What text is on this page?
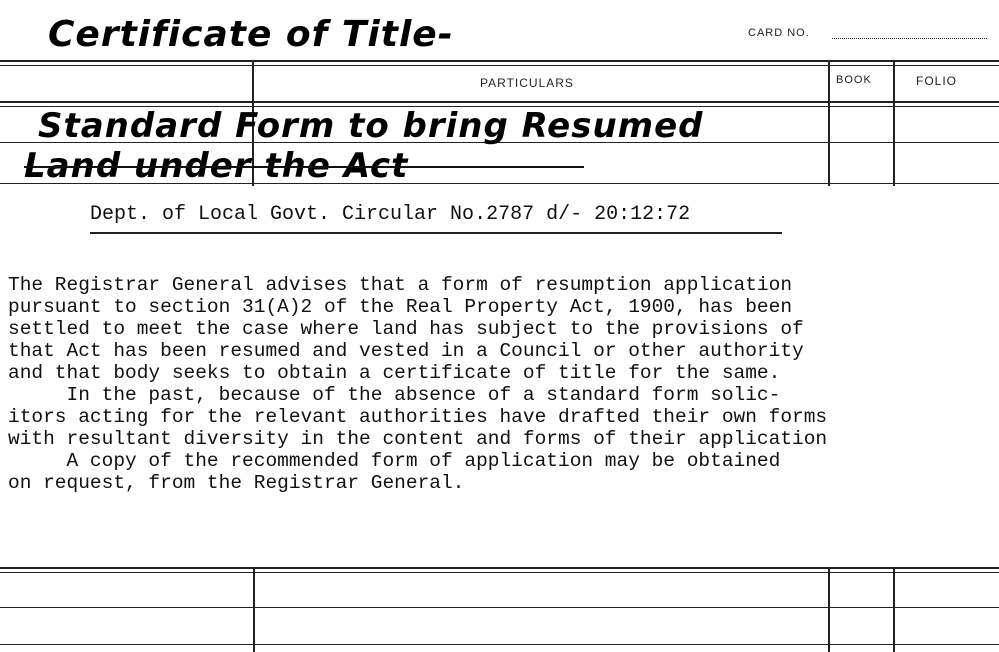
Certificate of Title-	CARD NO.
PARTICULARS	BOOK	FOLIO
Standard Form to bring Resumed
Land under the Act
Dept. of Local Govt. Circular No.2787 d/- 20:12:72
The Registrar General advises that a form of resumption application
pursuant to section 31(A)2 of the Real Property Act, 1900, has been
settled to meet the case where land has subject to the provisions of
that Act has been resumed and vested in a Council or other authority
and that body seeks to obtain a certificate of title for the same.
In the past, because of the absence of a standard form solic-
itors acting for the relevant authorities have drafted their own forms
with resultant diversity in the content and forms of their application
A copy of the recommended form of application may be obtained
on request, from the Registrar General.
